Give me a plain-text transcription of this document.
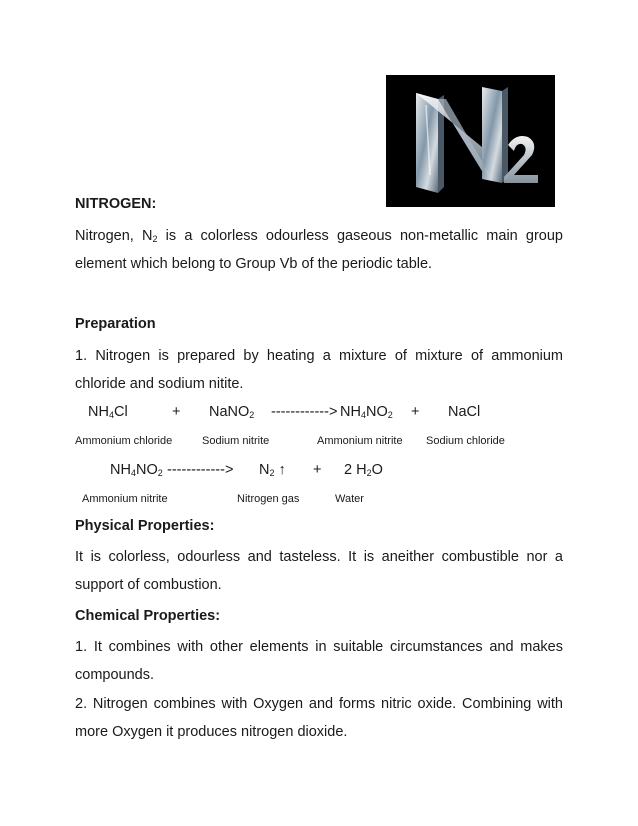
NITROGEN:
Nitrogen, $N_2$ is a colorless odourless gaseous non-metallic main group
element which belong to Group Vb of the periodic table.
Preparation
1. Nitrogen is prepared by heating a mixture of mixture of ammonium
chloride and sodium nitite.
$NH_4Cl$	+ NaNO$_2$ ------------> $NH_4NO_2$ + NaCl
Ammonium chloride	Sodium nitrite	Ammonium nitrite Sodium chloride
$NH_4NO_2$ ------------> $N_2$ ↑ + 2 $H_2O$
Ammonium nitrite	Nitrogen gas	Water
Physical Properties:
It is colorless, odourless and tasteless. It is aneither combustible nor a
support of combustion.
Chemical Properties:
1. It combines with other elements in suitable circumstances and makes
compounds.
2. Nitrogen combines with Oxygen and forms nitric oxide. Combining with
more Oxygen it produces nitrogen dioxide.
